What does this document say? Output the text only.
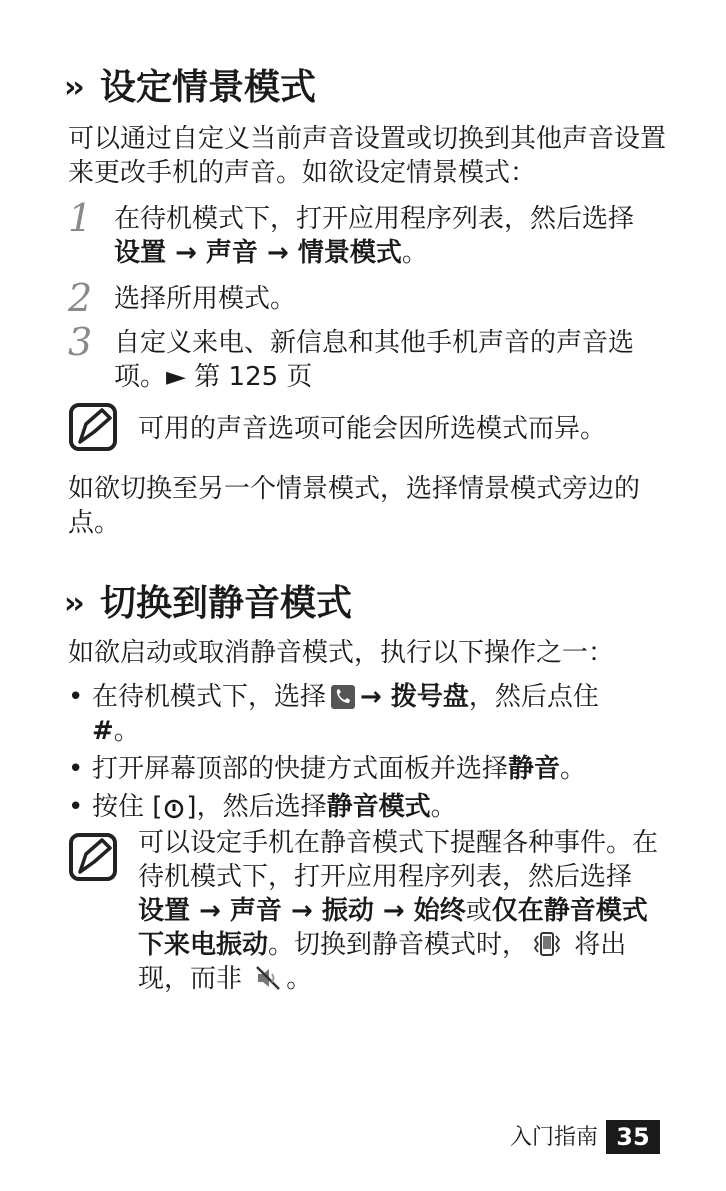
›› 设定情景模式
可以通过自定义当前声音设置或切换到其他声音设置来更改手机的声音。如欲设定情景模式：
1 在待机模式下，打开应用程序列表，然后选择设置 → 声音 → 情景模式。
2 选择所用模式。
3 自定义来电、新信息和其他手机声音的声音选项。► 第 125 页
可用的声音选项可能会因所选模式而异。
如欲切换至另一个情景模式，选择情景模式旁边的点。
›› 切换到静音模式
如欲启动或取消静音模式，执行以下操作之一：
• 在待机模式下，选择 → 拨号盘，然后点住 #。
• 打开屏幕顶部的快捷方式面板并选择静音。
• 按住 [ ]，然后选择静音模式。
可以设定手机在静音模式下提醒各种事件。在待机模式下，打开应用程序列表，然后选择设置 → 声音 → 振动 → 始终或仅在静音模式下来电振动。切换到静音模式时， 将出现，而非 。
入门指南 35
